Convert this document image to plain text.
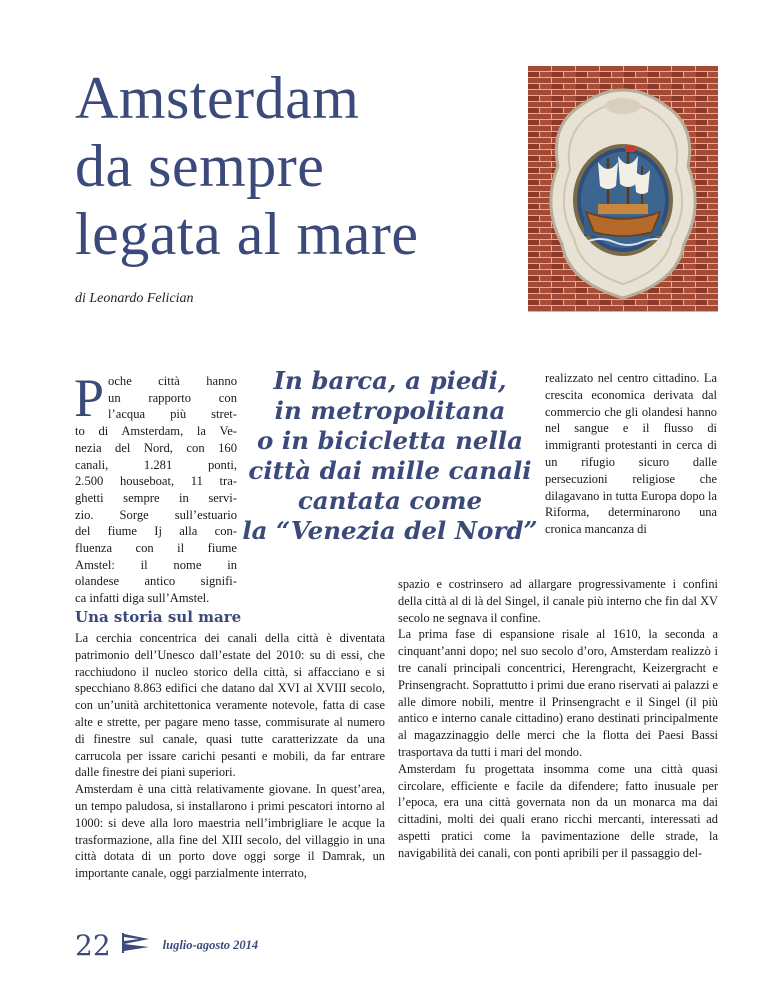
Amsterdam
da sempre
legata al mare
di Leonardo Felician
P oche città hanno
un rapporto con
l’acqua più stret-
to di Amsterdam, la Ve-
nezia del Nord, con 160
canali, 1.281 ponti,
2.500 houseboat, 11 tra-
ghetti sempre in servi-
zio. Sorge sull’estuario
del fiume Ij alla con-
fluenza con il fiume
Amstel: il nome in
olandese antico signifi-
ca infatti diga sull’Amstel.
In barca, a piedi,
in metropolitana
o in bicicletta nella
città dai mille canali
cantata come
la “Venezia del Nord”

realizzato nel centro cittadino. La crescita economica derivata dal commercio che gli olandesi hanno nel sangue e il flusso di immigranti protestanti in cerca di un rifugio sicuro dalle persecuzioni religiose che dilagavano in tutta Europa dopo la Riforma, determinarono una cronica mancanza di

Una storia sul mare

La cerchia concentrica dei canali della città è diventata patrimonio dell’Unesco dall’estate del 2010: su di essi, che racchiudono il nucleo storico della città, si affacciano e si specchiano 8.863 edifici che datano dal XVI al XVIII secolo, con un’unità architettonica veramente notevole, fatta di case alte e strette, per pagare meno tasse, commisurate al numero di finestre sul canale, quasi tutte caratterizzate da una carrucola per issare carichi pesanti e mobili, da far entrare dalle finestre dei piani superiori.

Amsterdam è una città relativamente giovane. In quest’area, un tempo paludosa, si installarono i primi pescatori intorno al 1000: si deve alla loro maestria nell’imbrigliare le acque la trasformazione, alla fine del XIII secolo, del villaggio in una città dotata di un porto dove oggi sorge il Damrak, un importante canale, oggi parzialmente interrato,

spazio e costrinsero ad allargare progressivamente i confini della città al di là del Singel, il canale più interno che fin dal XV secolo ne segnava il confine.

La prima fase di espansione risale al 1610, la seconda a cinquant’anni dopo; nel suo secolo d’oro, Amsterdam realizzò i tre canali principali concentrici, Herengracht, Keizergracht e Prinsengracht. Soprattutto i primi due erano riservati ai palazzi e alle dimore nobili, mentre il Prinsengracht e il Singel (il più antico e interno canale cittadino) erano destinati principalmente al magazzinaggio delle merci che la flotta dei Paesi Bassi trasportava da tutti i mari del mondo.

Amsterdam fu progettata insomma come una città quasi circolare, efficiente e facile da difendere; fatto inusuale per l’epoca, era una città governata non da un monarca ma dai cittadini, molti dei quali erano ricchi mercanti, interessati ad aspetti pratici come la pavimentazione delle strade, la navigabilità dei canali, con ponti apribili per il passaggio del-

22	luglio-agosto 2014
